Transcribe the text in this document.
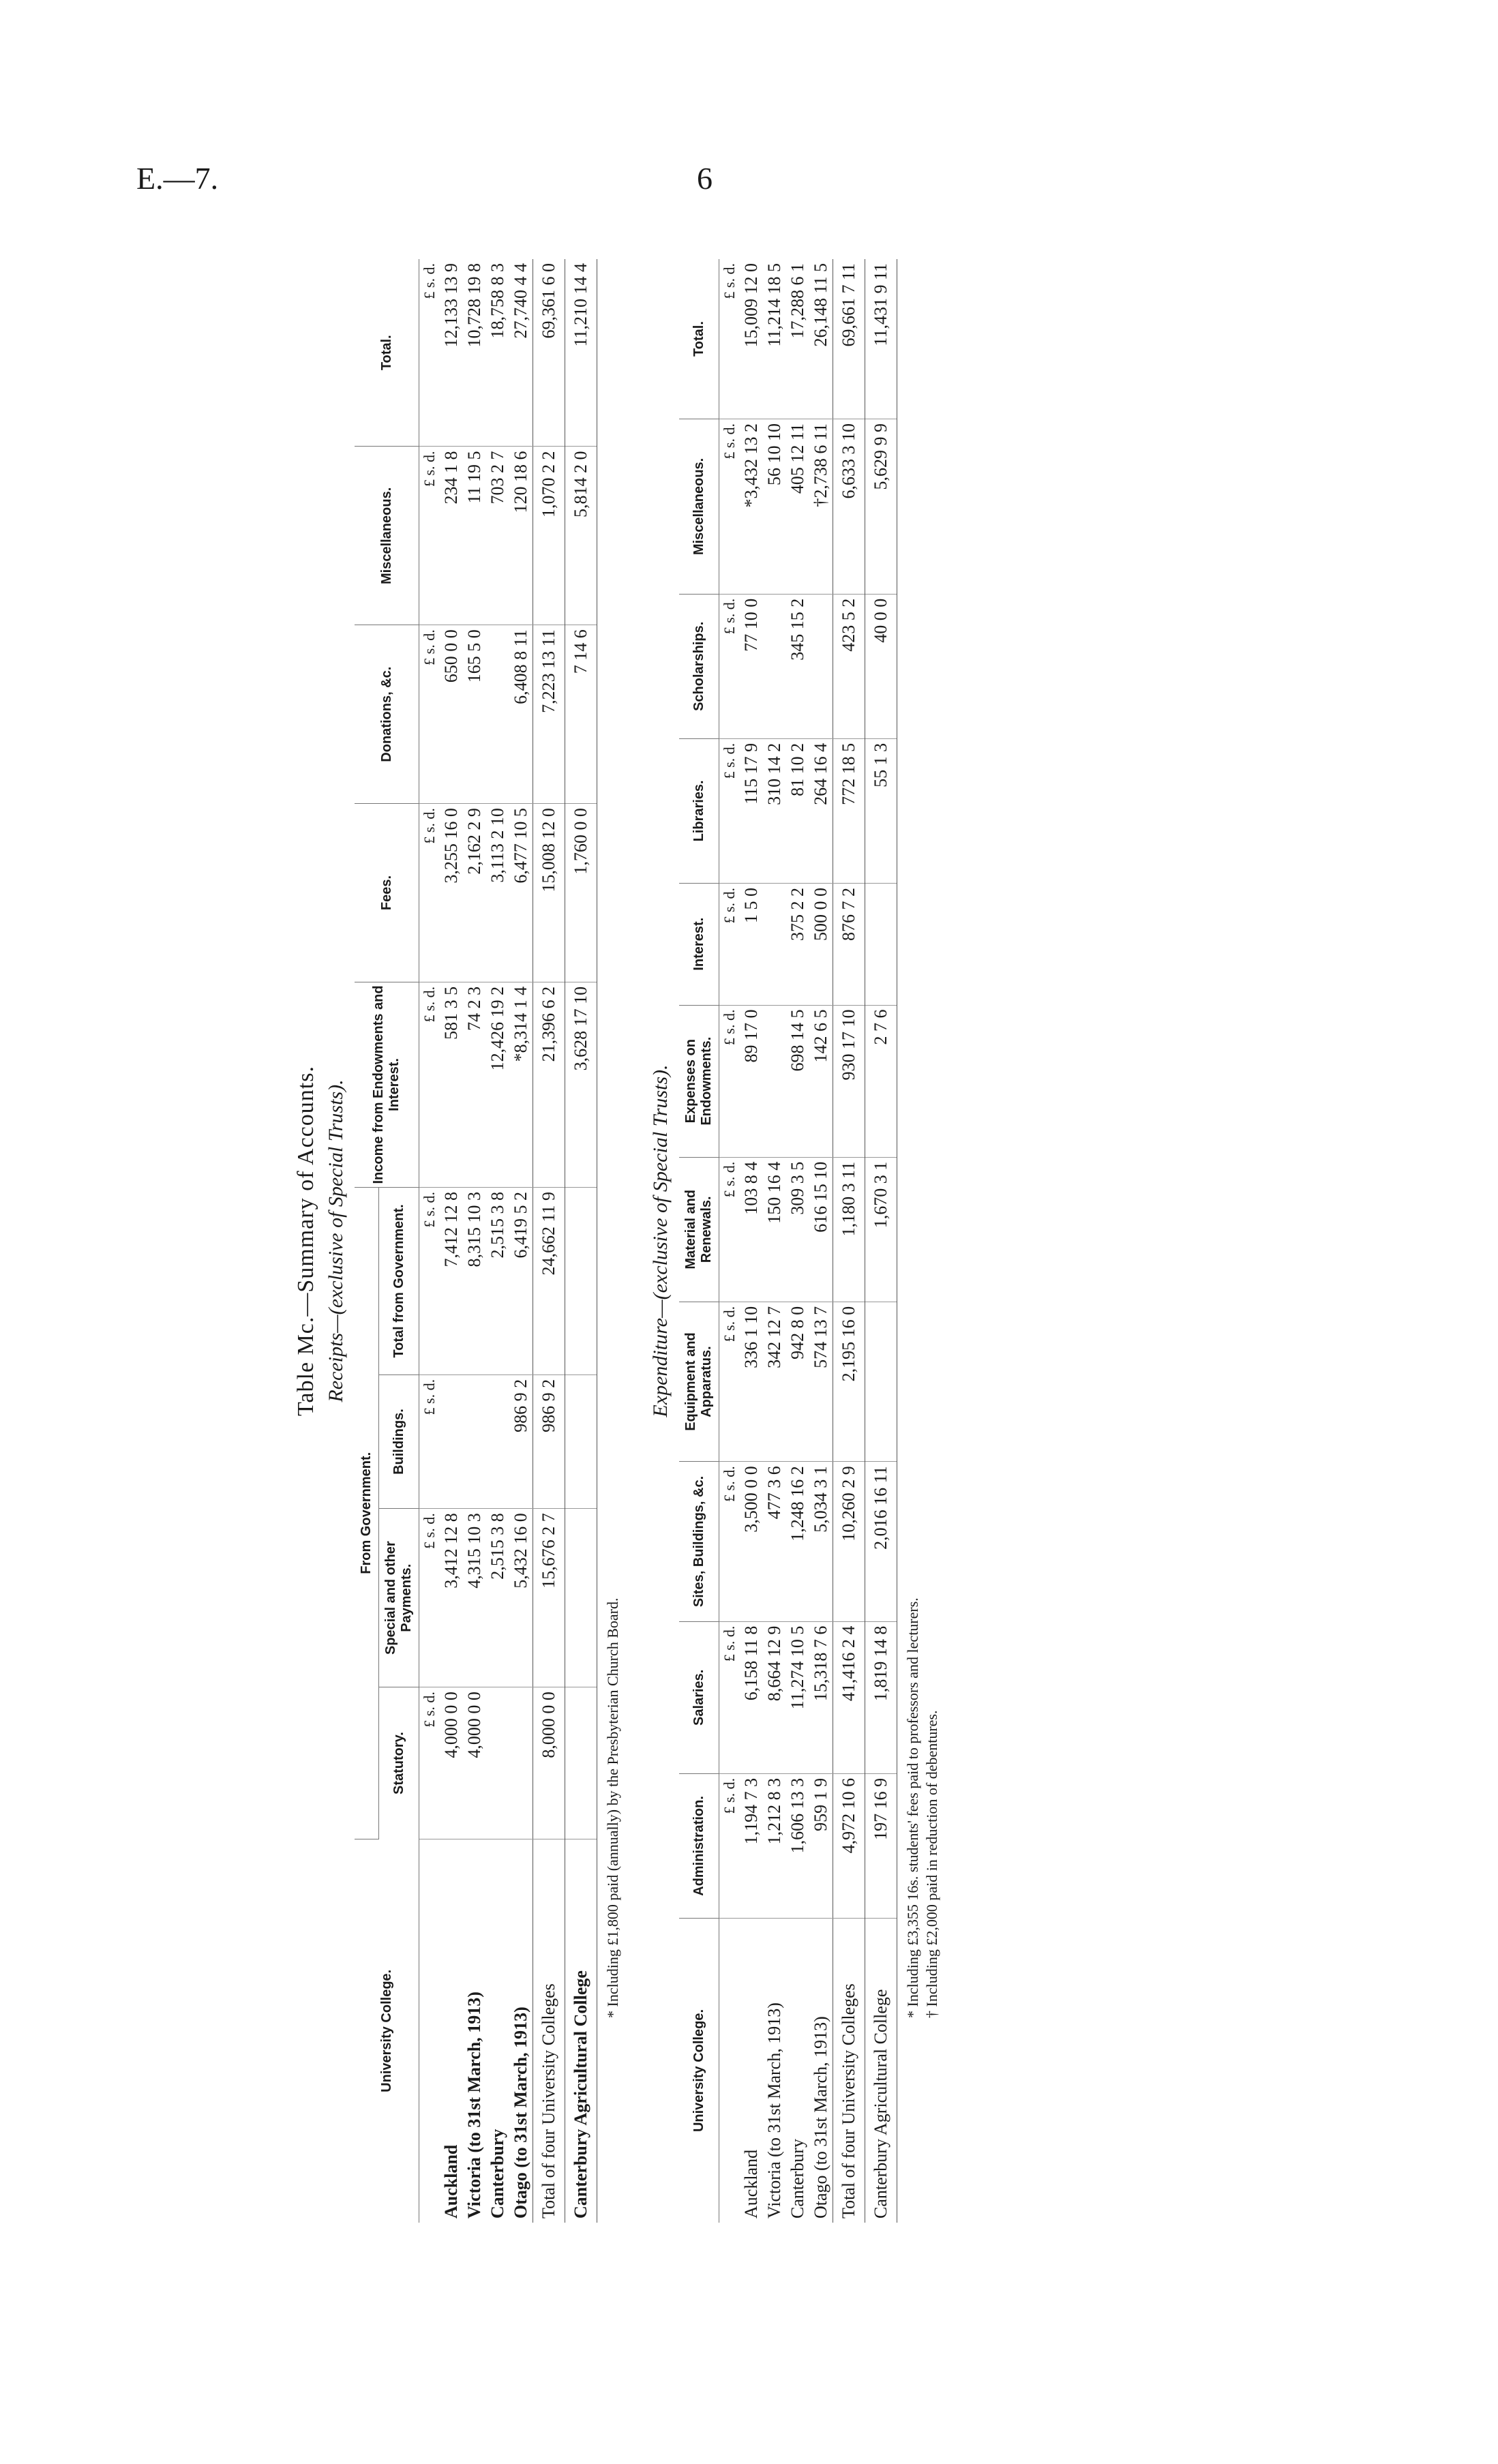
E.—7.	6
Table Mc.—Summary of Accounts. Receipts—(exclusive of Special Trusts).
University College.	From Government.				Income from Endowments and Interest.	Fees.	Donations, &c.	Miscellaneous.	Total.
	Statutory.	Special and other Payments.	Buildings.	Total from Government.					
	£ s. d.	£ s. d.	£ s. d.	£ s. d.	£ s. d.	£ s. d.	£ s. d.	£ s. d.	£ s. d.
Auckland	4,000 0 0	3,412 12 8		7,412 12 8	581 3 5	3,255 16 0	650 0 0	234 1 8	12,133 13 9
Victoria (to 31st March, 1913)	4,000 0 0	4,315 10 3		8,315 10 3	74 2 3	2,162 2 9	165 5 0	11 19 5	10,728 19 8
Canterbury		2,515 3 8		2,515 3 8	12,426 19 2	3,113 2 10		703 2 7	18,758 8 3
Otago (to 31st March, 1913)		5,432 16 0	986 9 2	6,419 5 2	*8,314 1 4	6,477 10 5	6,408 8 11	120 18 6	27,740 4 4
Total of four University Colleges	8,000 0 0	15,676 2 7	986 9 2	24,662 11 9	21,396 6 2	15,008 12 0	7,223 13 11	1,070 2 2	69,361 6 0
Canterbury Agricultural College					3,628 17 10	1,760 0 0	7 14 6	5,814 2 0	11,210 14 4
* Including £1,800 paid (annually) by the Presbyterian Church Board.
Expenditure—(exclusive of Special Trusts).
University College.	Administration.	Salaries.	Sites, Buildings, &c.	Equipment and Apparatus.	Material and Renewals.	Expenses on Endowments.	Interest.	Libraries.	Scholarships.	Miscellaneous.	Total.
	£ s. d.	£ s. d.	£ s. d.	£ s. d.	£ s. d.	£ s. d.	£ s. d.	£ s. d.	£ s. d.	£ s. d.	£ s. d.
Auckland	1,194 7 3	6,158 11 8	3,500 0 0	336 1 10	103 8 4	89 17 0	1 5 0	115 17 9	77 10 0	*3,432 13 2	15,009 12 0
Victoria (to 31st March, 1913)	1,212 8 3	8,664 12 9	477 3 6	342 12 7	150 16 4			310 14 2		56 10 10	11,214 18 5
Canterbury	1,606 13 3	11,274 10 5	1,248 16 2	942 8 0	309 3 5	698 14 5	375 2 2	81 10 2	345 15 2	405 12 11	17,288 6 1
Otago (to 31st March, 1913)	959 1 9	15,318 7 6	5,034 3 1	574 13 7	616 15 10	142 6 5	500 0 0	264 16 4		†2,738 6 11	26,148 11 5
Total of four University Colleges	4,972 10 6	41,416 2 4	10,260 2 9	2,195 16 0	1,180 3 11	930 17 10	876 7 2	772 18 5	423 5 2	6,633 3 10	69,661 7 11
Canterbury Agricultural College	197 16 9	1,819 14 8	2,016 16 11		1,670 3 1	2 7 6		55 1 3	40 0 0	5,629 9 9	11,431 9 11
* Including £3,355 16s. students' fees paid to professors and lecturers. † Including £2,000 paid in reduction of debentures.
